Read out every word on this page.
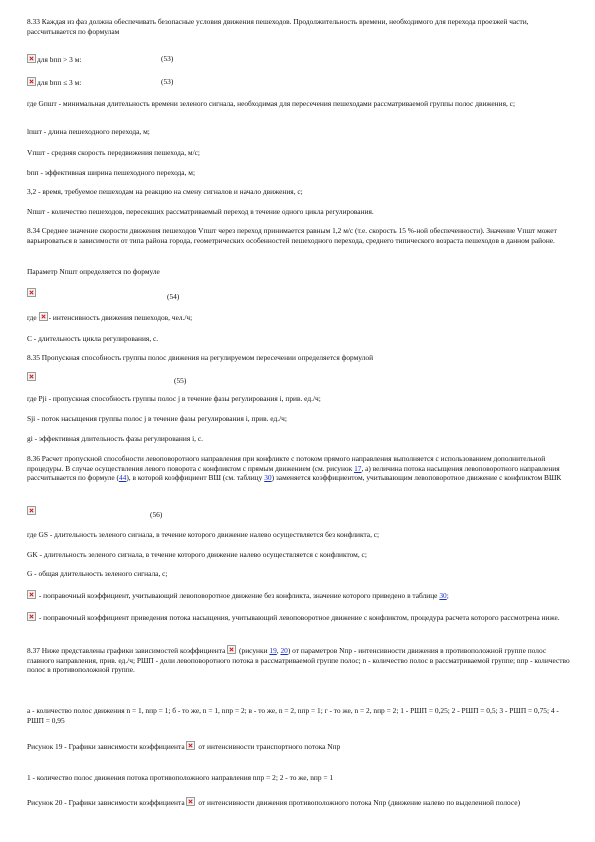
8.33 Каждая из фаз должна обеспечивать безопасные условия движения пешеходов. Продолжительность времени, необходимого для перехода проезжей части, рассчитывается по формулам

для bпп > 3 м:	(53)

для bпп ≤ 3 м:	(53)

где Gпшт - минимальная длительность времени зеленого сигнала, необходимая для пересечения пешеходами рассматриваемой группы полос движения, с;

lпшт - длина пешеходного перехода, м;

Vпшт - средняя скорость передвижения пешехода, м/с;

bпп - эффективная ширина пешеходного перехода, м;

3,2 - время, требуемое пешеходам на реакцию на смену сигналов и начало движения, с;

Nпшт - количество пешеходов, пересекших рассматриваемый переход в течение одного цикла регулирования.

8.34 Среднее значение скорости движения пешеходов Vпшт через переход принимается равным 1,2 м/с (т.е. скорость 15 %-ной обеспеченности). Значение Vпшт может варьироваться в зависимости от типа района города, геометрических особенностей пешеходного перехода, среднего типического возраста пешеходов в данном районе.

Параметр Nпшт определяется по формуле

(54)

где - интенсивность движения пешеходов, чел./ч;

С - длительность цикла регулирования, с.

8.35 Пропускная способность группы полос движения на регулируемом пересечении определяется формулой

(55)

где Pji - пропускная способность группы полос j в течение фазы регулирования i, прив. ед./ч;

Sji - поток насыщения группы полос j в течение фазы регулирования i, прив. ед./ч;

gi - эффективная длительность фазы регулирования i, с.

8.36 Расчет пропускной способности левоповоротного направления при конфликте с потоком прямого направления выполняется с использованием дополнительной процедуры. В случае осуществления левого поворота с конфликтом с прямым движением (см. рисунок 17, а) величина потока насыщения левоповоротного направления рассчитывается по формуле (44), в которой коэффициент ВШ (см. таблицу 30) заменяется коэффициентом, учитывающим левоповоротное движение с конфликтом ВШК

(56)

где GS - длительность зеленого сигнала, в течение которого движение налево осуществляется без конфликта, с;

GK - длительность зеленого сигнала, в течение которого движение налево осуществляется с конфликтом, с;

G - общая длительность зеленого сигнала, с;

- поправочный коэффициент, учитывающий левоповоротное движение без конфликта, значение которого приведено в таблице 30;

- поправочный коэффициент приведения потока насыщения, учитывающий левоповоротное движение с конфликтом, процедура расчета которого рассмотрена ниже.

8.37 Ниже представлены графики зависимостей коэффициента  (рисунки 19, 20) от параметров Nпр - интенсивности движения в противоположной группе полос главного направления, прив. ед./ч; PШП - доли левоповоротного потока в рассматриваемой группе полос; n - количество полос в рассматриваемой группе; nпр - количество полос в противоположной группе.

а - количество полос движения n = 1, nпр = 1; б - то же, n = 1, nпр = 2; в - то же, n = 2, nпр = 1; г - то же, n = 2, nпр = 2; 1 - РШП = 0,25; 2 - РШП = 0,5; 3 - РШП = 0,75; 4 - РШП = 0,95

Рисунок 19 - Графики зависимости коэффициента  от интенсивности транспортного потока Nпр

1 - количество полос движения потока противоположного направления nпр = 2; 2 - то же, nпр = 1

Рисунок 20 - Графики зависимости коэффициента  от интенсивности движения противоположного потока Nпр (движение налево по выделенной полосе)
